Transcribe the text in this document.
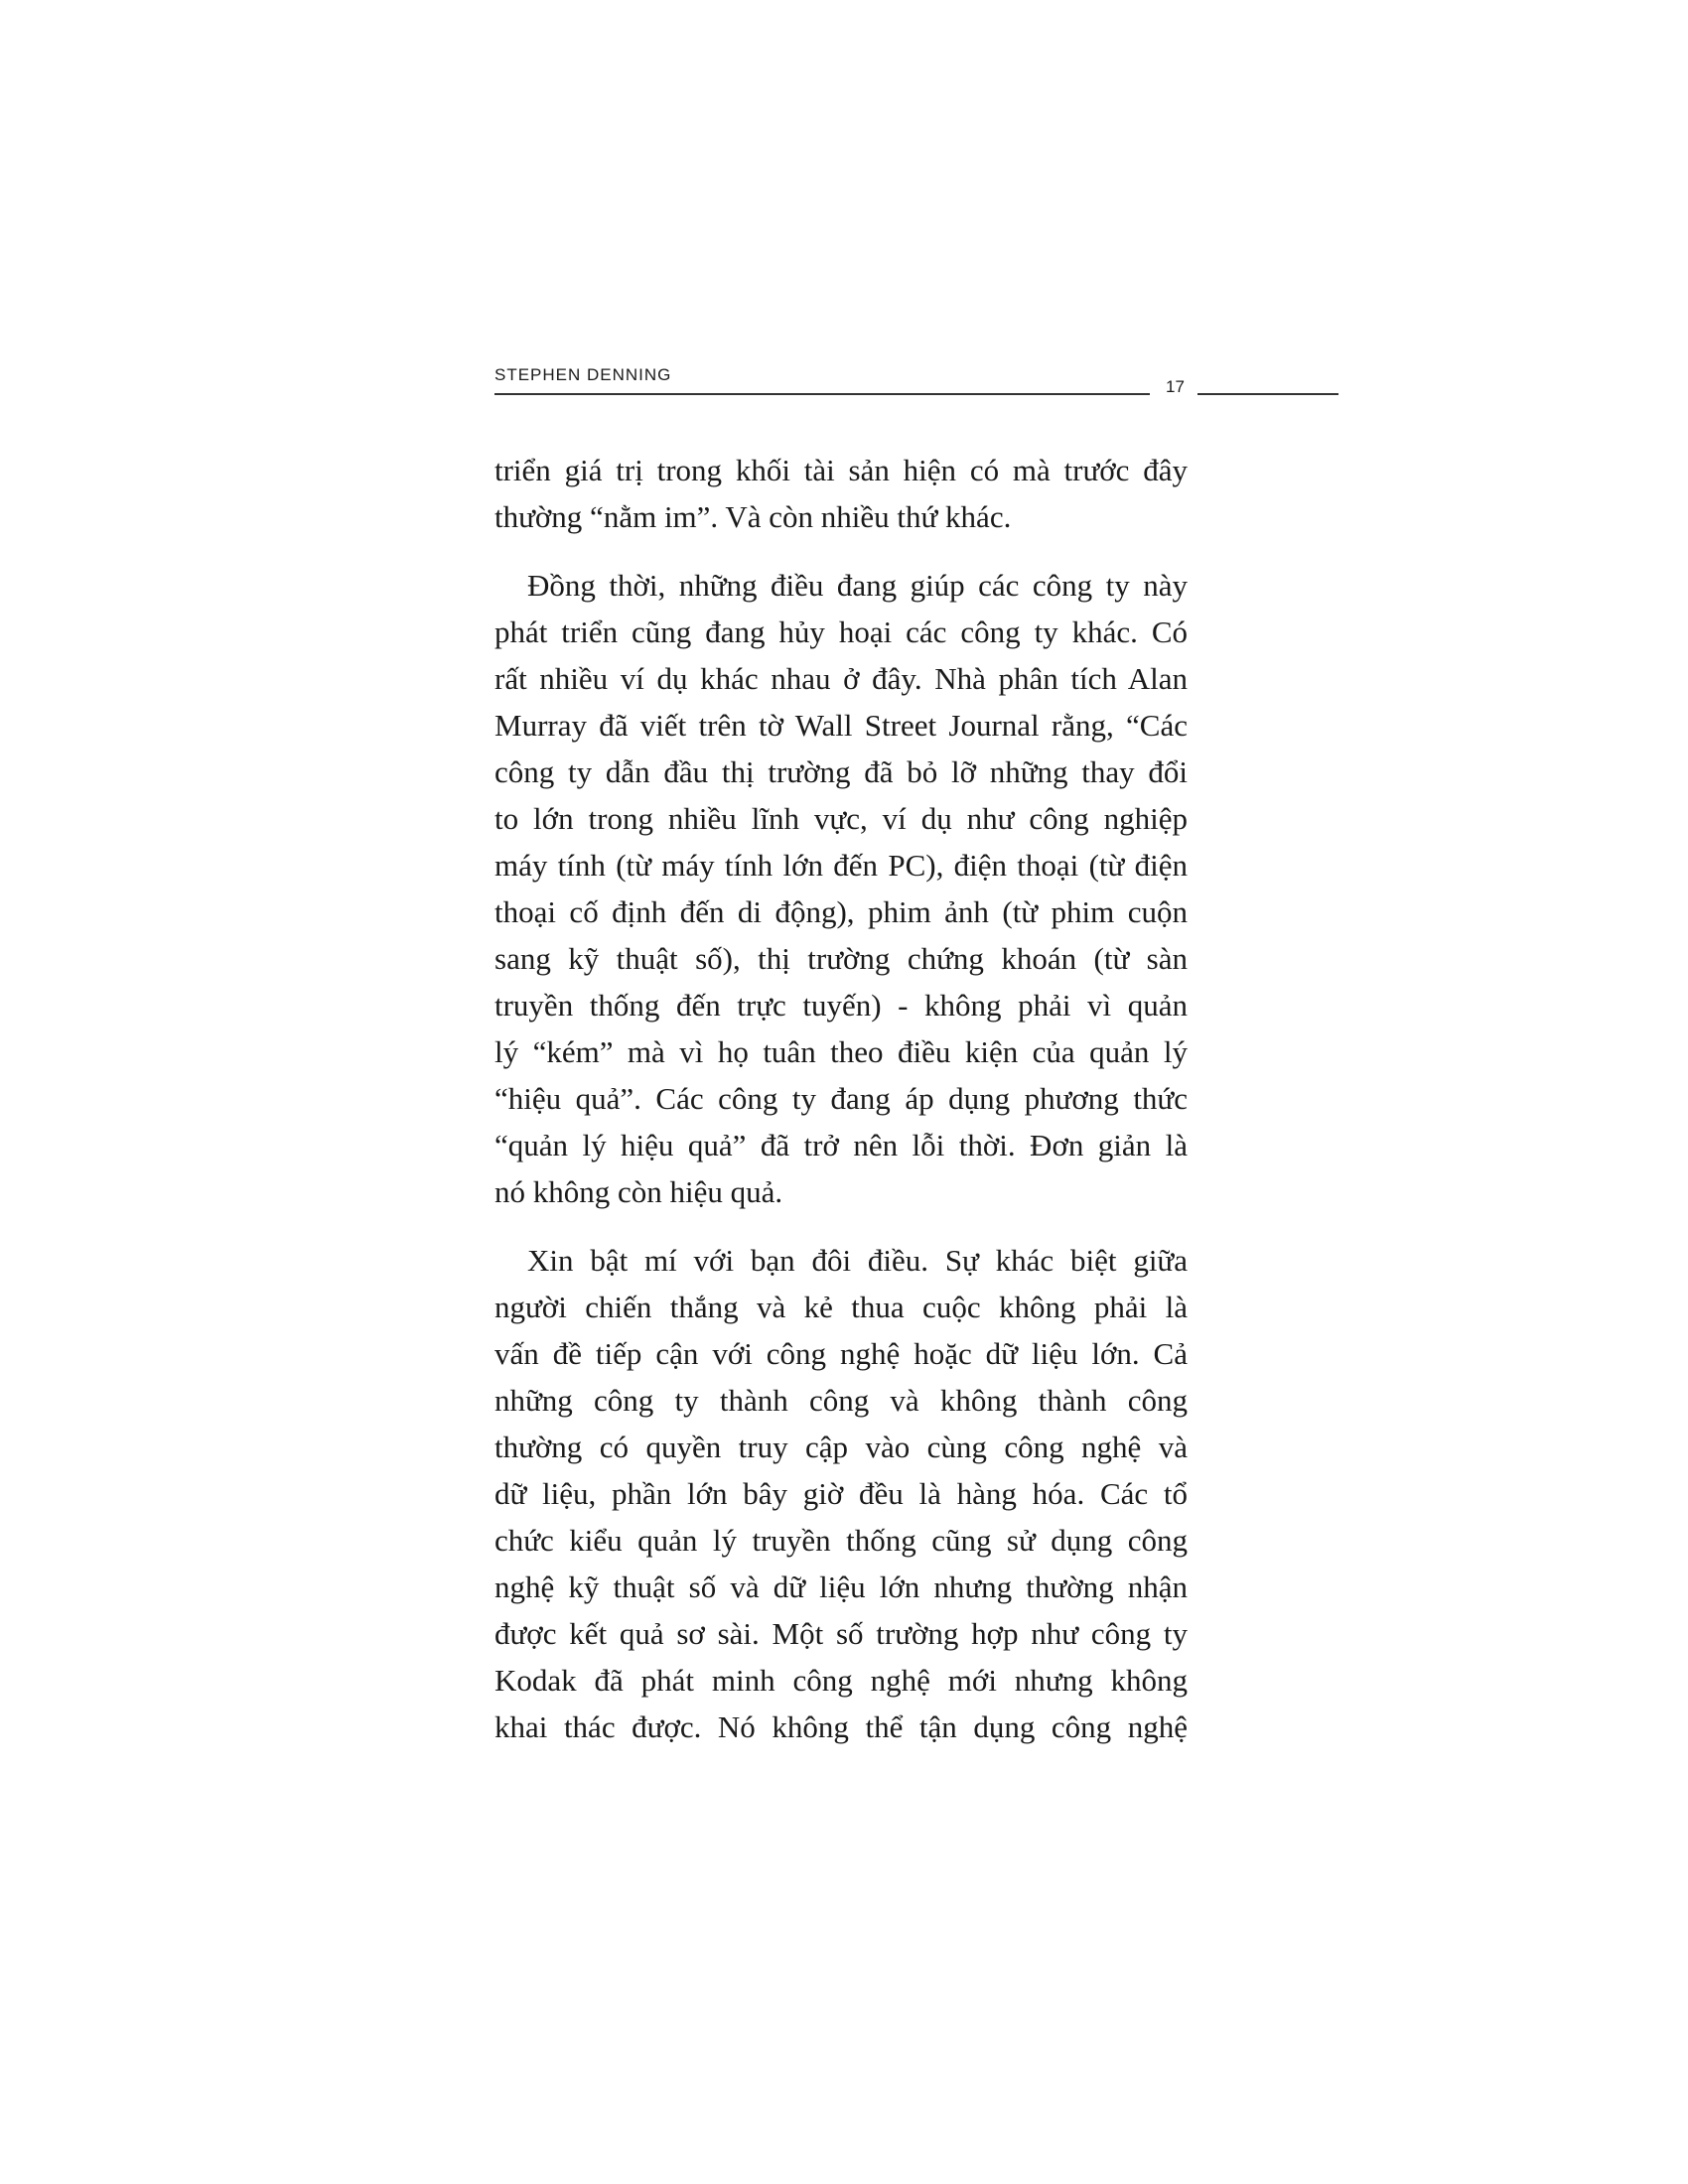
STEPHEN DENNING
17
triển giá trị trong khối tài sản hiện có mà trước đây
thường “nằm im”. Và còn nhiều thứ khác.
Đồng thời, những điều đang giúp các công ty này
phát triển cũng đang hủy hoại các công ty khác. Có
rất nhiều ví dụ khác nhau ở đây. Nhà phân tích Alan
Murray đã viết trên tờ Wall Street Journal rằng, “Các
công ty dẫn đầu thị trường đã bỏ lỡ những thay đổi
to lớn trong nhiều lĩnh vực, ví dụ như công nghiệp
máy tính (từ máy tính lớn đến PC), điện thoại (từ điện
thoại cố định đến di động), phim ảnh (từ phim cuộn
sang kỹ thuật số), thị trường chứng khoán (từ sàn
truyền thống đến trực tuyến) - không phải vì quản
lý “kém” mà vì họ tuân theo điều kiện của quản lý
“hiệu quả”. Các công ty đang áp dụng phương thức
“quản lý hiệu quả” đã trở nên lỗi thời. Đơn giản là
nó không còn hiệu quả.
Xin bật mí với bạn đôi điều. Sự khác biệt giữa
người chiến thắng và kẻ thua cuộc không phải là
vấn đề tiếp cận với công nghệ hoặc dữ liệu lớn. Cả
những công ty thành công và không thành công
thường có quyền truy cập vào cùng công nghệ và
dữ liệu, phần lớn bây giờ đều là hàng hóa. Các tổ
chức kiểu quản lý truyền thống cũng sử dụng công
nghệ kỹ thuật số và dữ liệu lớn nhưng thường nhận
được kết quả sơ sài. Một số trường hợp như công ty
Kodak đã phát minh công nghệ mới nhưng không
khai thác được. Nó không thể tận dụng công nghệ
